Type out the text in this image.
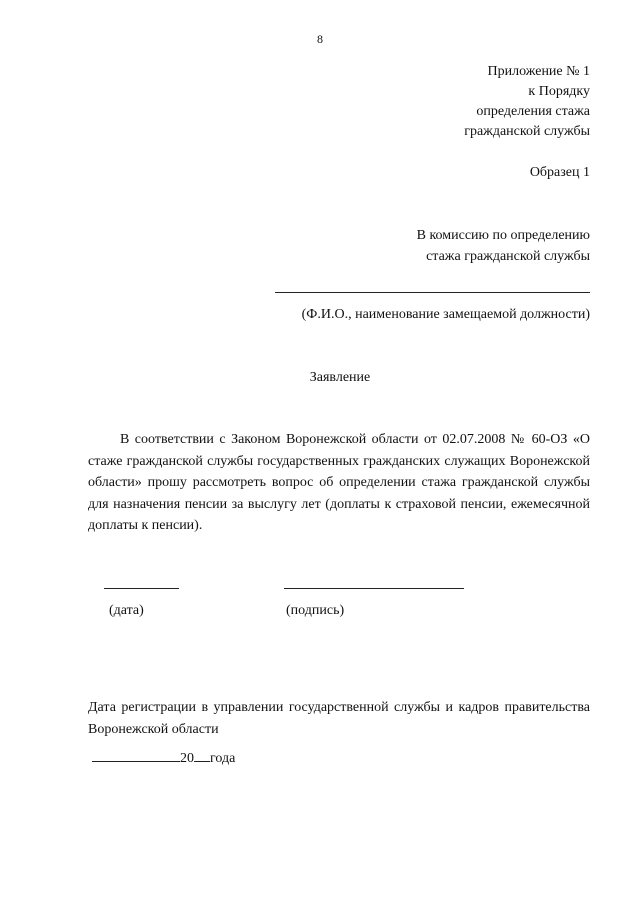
8
Приложение № 1
к Порядку
определения стажа
гражданской службы
Образец 1
В комиссию по определению
стажа гражданской службы
(Ф.И.О., наименование замещаемой должности)
Заявление
В соответствии с Законом Воронежской области от 02.07.2008 № 60-ОЗ «О стаже гражданской службы государственных гражданских служащих Воронежской области» прошу рассмотреть вопрос об определении стажа гражданской службы для назначения пенсии за выслугу лет (доплаты к страховой пенсии, ежемесячной доплаты к пенсии).
(дата)	(подпись)
Дата регистрации в управлении государственной службы и кадров правительства Воронежской области
20 года
